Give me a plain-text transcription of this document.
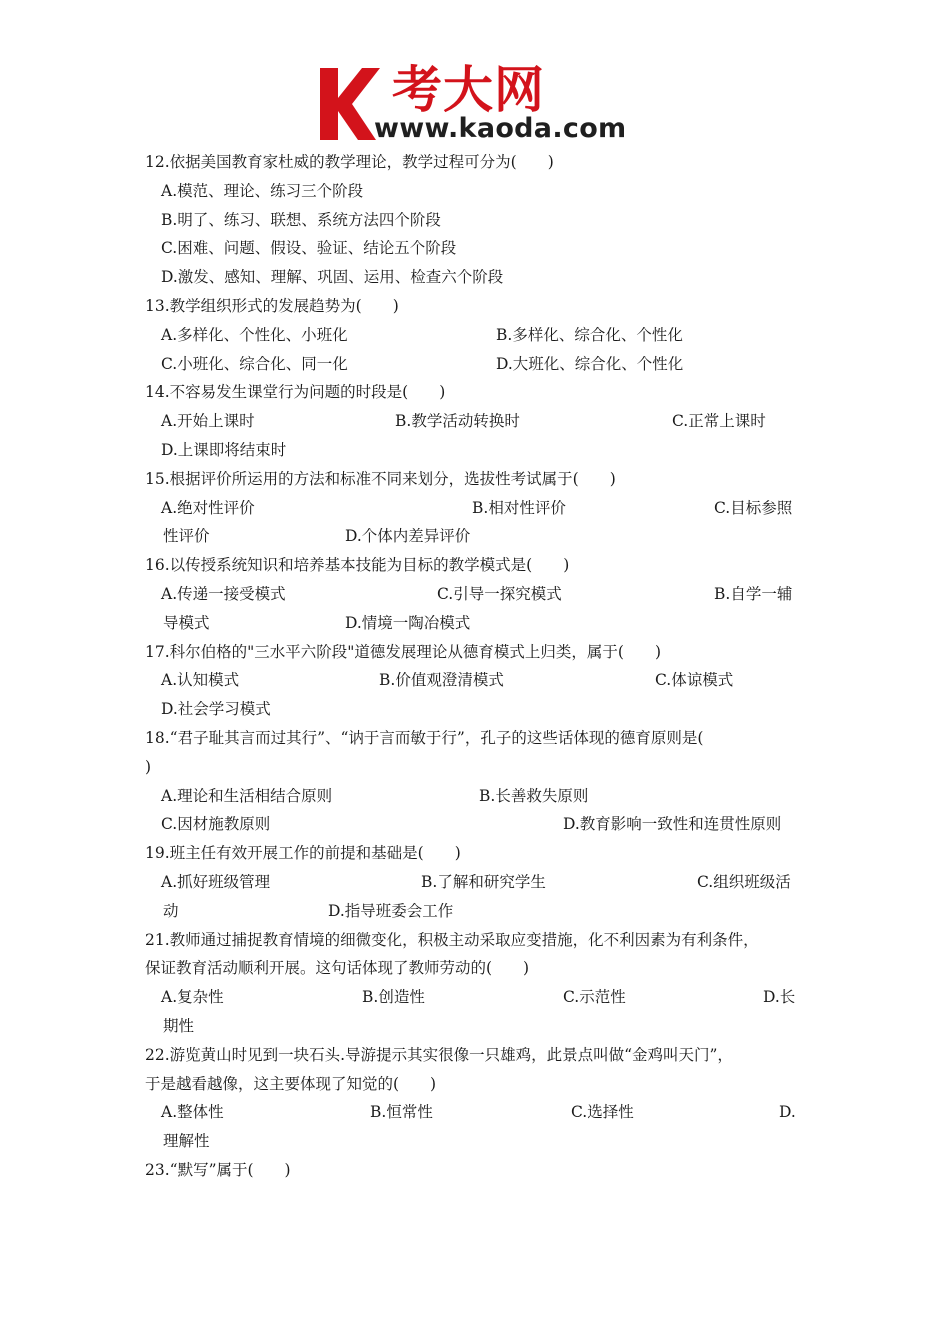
考大网
www.kaoda.com
12.依据美国教育家杜威的教学理论，教学过程可分为(　　)
A.模范、理论、练习三个阶段
B.明了、练习、联想、系统方法四个阶段
C.困难、问题、假设、验证、结论五个阶段
D.激发、感知、理解、巩固、运用、检查六个阶段
13.教学组织形式的发展趋势为(　　)
A.多样化、个性化、小班化	B.多样化、综合化、个性化
C.小班化、综合化、同一化	D.大班化、综合化、个性化
14.不容易发生课堂行为问题的时段是(　　)
A.开始上课时	B.教学活动转换时	C.正常上课时
D.上课即将结束时
15.根据评价所运用的方法和标准不同来划分，选拔性考试属于(　　)
A.绝对性评价	B.相对性评价	C.目标参照
性评价	D.个体内差异评价
16.以传授系统知识和培养基本技能为目标的教学模式是(　　)
A.传递一接受模式	C.引导一探究模式	B.自学一辅
导模式	D.情境一陶冶模式
17.科尔伯格的"三水平六阶段"道德发展理论从德育模式上归类，属于(　　)
A.认知模式	B.价值观澄清模式	C.体谅模式
D.社会学习模式
18.“君子耻其言而过其行”、“讷于言而敏于行”，孔子的这些话体现的德育原则是(
)
A.理论和生活相结合原则	B.长善救失原则
C.因材施教原则	D.教育影响一致性和连贯性原则
19.班主任有效开展工作的前提和基础是(　　)
A.抓好班级管理	B.了解和研究学生	C.组织班级活
动	D.指导班委会工作
21.教师通过捕捉教育情境的细微变化，积极主动采取应变措施，化不利因素为有利条件，
保证教育活动顺利开展。这句话体现了教师劳动的(　　)
A.复杂性	B.创造性	C.示范性	D.长
期性
22.游览黄山时见到一块石头.导游提示其实很像一只雄鸡，此景点叫做“金鸡叫天门”，
于是越看越像，这主要体现了知觉的(　　)
A.整体性	B.恒常性	C.选择性	D.
理解性
23.“默写”属于(　　)
